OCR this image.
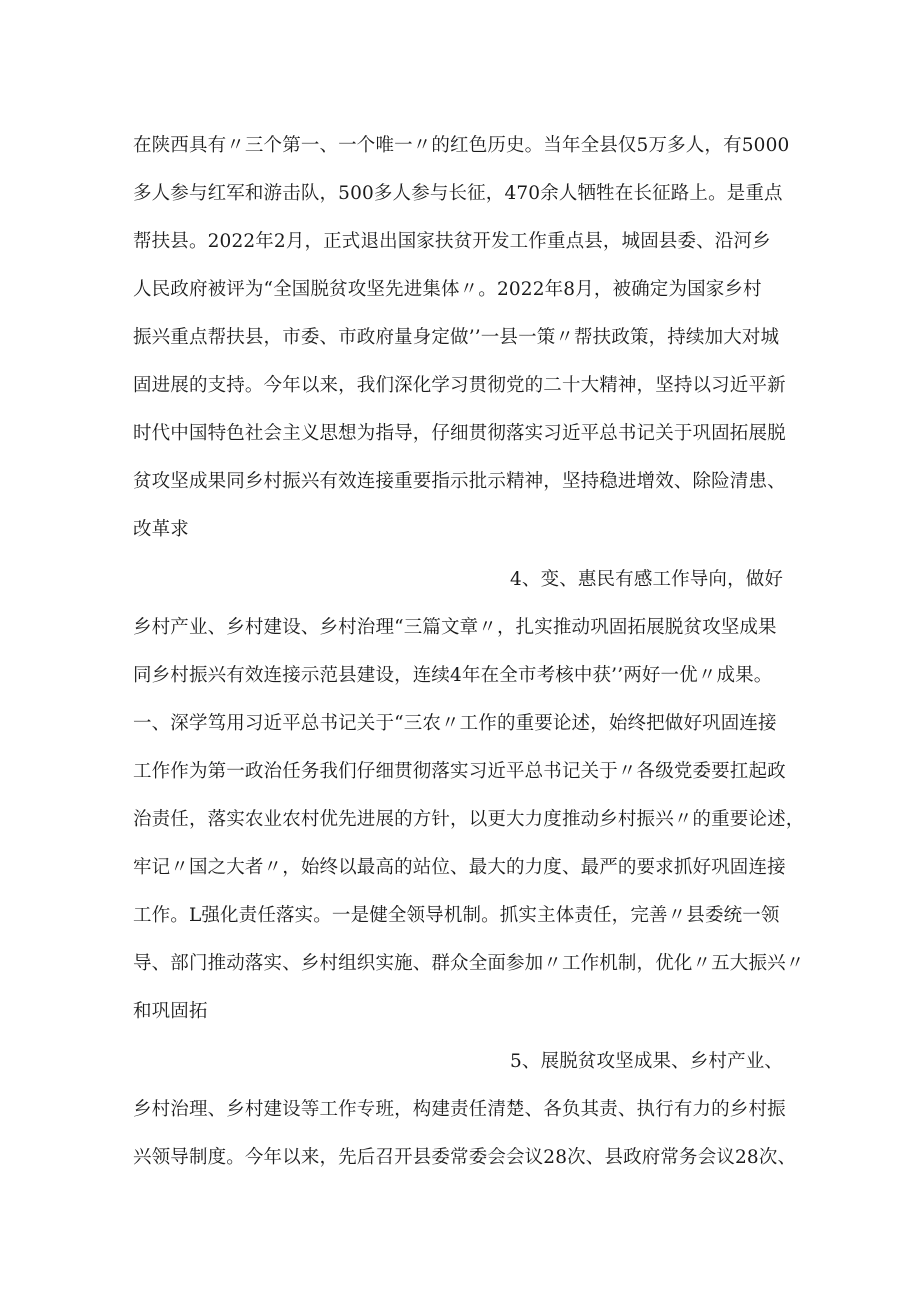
在陕西具有〃三个第一、一个唯一〃的红色历史。当年全县仅5万多人，有5000
多人参与红军和游击队，500多人参与长征，470余人牺牲在长征路上。是重点
帮扶县。2022年2月，正式退出国家扶贫开发工作重点县，城固县委、沿河乡
人民政府被评为“全国脱贫攻坚先进集体〃。2022年8月，被确定为国家乡村
振兴重点帮扶县，市委、市政府量身定做’’一县一策〃帮扶政策，持续加大对城
固进展的支持。今年以来，我们深化学习贯彻党的二十大精神，坚持以习近平新
时代中国特色社会主义思想为指导，仔细贯彻落实习近平总书记关于巩固拓展脱
贫攻坚成果同乡村振兴有效连接重要指示批示精神，坚持稳进增效、除险清患、
改革求
4、变、惠民有感工作导向，做好
乡村产业、乡村建设、乡村治理“三篇文章〃，扎实推动巩固拓展脱贫攻坚成果
同乡村振兴有效连接示范县建设，连续4年在全市考核中获’’两好一优〃成果。
一、深学笃用习近平总书记关于“三农〃工作的重要论述，始终把做好巩固连接
工作作为第一政治任务我们仔细贯彻落实习近平总书记关于〃各级党委要扛起政
治责任，落实农业农村优先进展的方针，以更大力度推动乡村振兴〃的重要论述，
牢记〃国之大者〃，始终以最高的站位、最大的力度、最严的要求抓好巩固连接
工作。L强化责任落实。一是健全领导机制。抓实主体责任，完善〃县委统一领
导、部门推动落实、乡村组织实施、群众全面参加〃工作机制，优化〃五大振兴〃
和巩固拓
5、展脱贫攻坚成果、乡村产业、
乡村治理、乡村建设等工作专班，构建责任清楚、各负其责、执行有力的乡村振
兴领导制度。今年以来，先后召开县委常委会会议28次、县政府常务会议28次、
